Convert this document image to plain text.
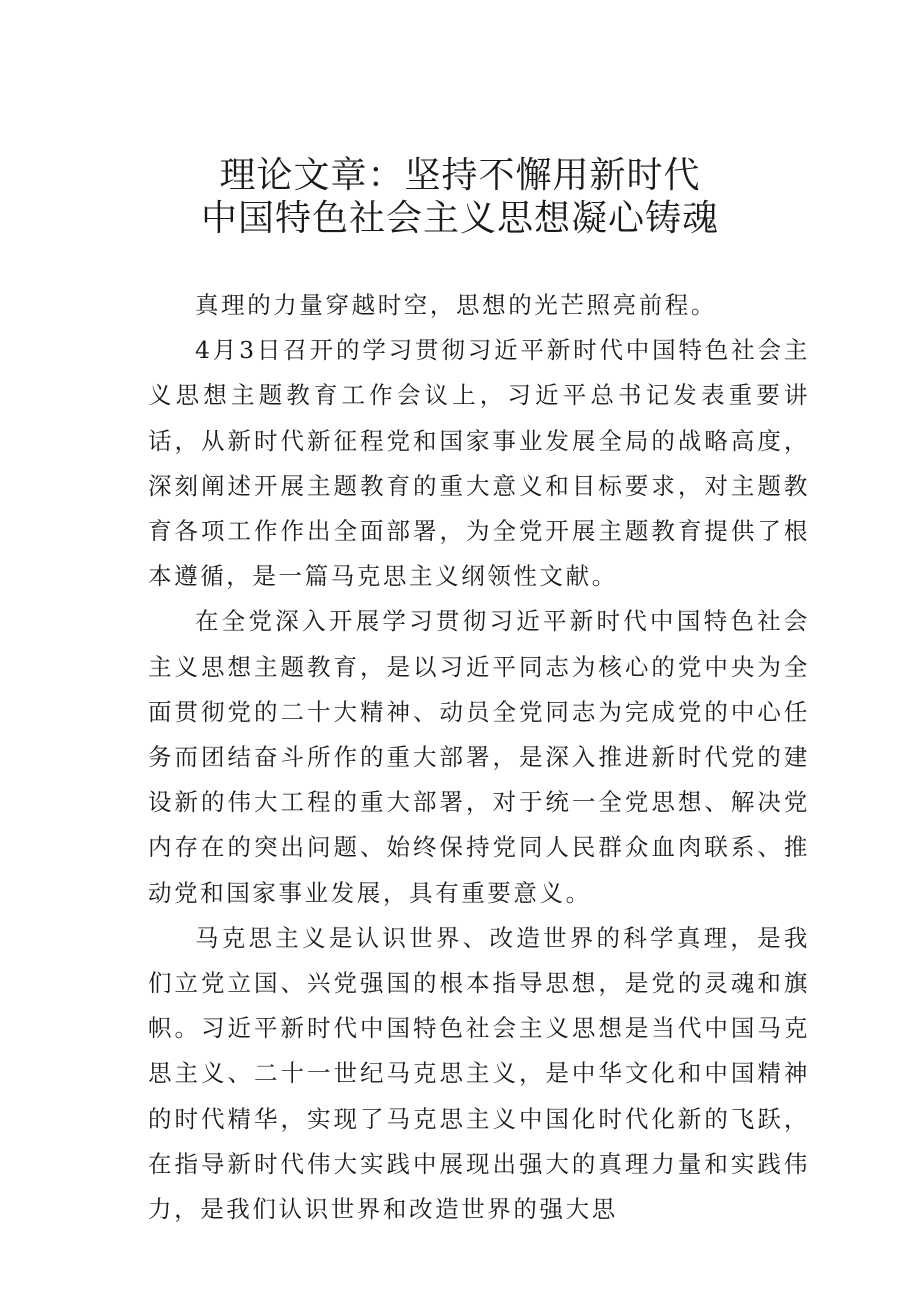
理论文章：坚持不懈用新时代
中国特色社会主义思想凝心铸魂

真理的力量穿越时空，思想的光芒照亮前程。

4月3日召开的学习贯彻习近平新时代中国特色社会主义思想主题教育工作会议上，习近平总书记发表重要讲话，从新时代新征程党和国家事业发展全局的战略高度，深刻阐述开展主题教育的重大意义和目标要求，对主题教育各项工作作出全面部署，为全党开展主题教育提供了根本遵循，是一篇马克思主义纲领性文献。

在全党深入开展学习贯彻习近平新时代中国特色社会主义思想主题教育，是以习近平同志为核心的党中央为全面贯彻党的二十大精神、动员全党同志为完成党的中心任务而团结奋斗所作的重大部署，是深入推进新时代党的建设新的伟大工程的重大部署，对于统一全党思想、解决党内存在的突出问题、始终保持党同人民群众血肉联系、推动党和国家事业发展，具有重要意义。

马克思主义是认识世界、改造世界的科学真理，是我们立党立国、兴党强国的根本指导思想，是党的灵魂和旗帜。习近平新时代中国特色社会主义思想是当代中国马克思主义、二十一世纪马克思主义，是中华文化和中国精神的时代精华，实现了马克思主义中国化时代化新的飞跃，在指导新时代伟大实践中展现出强大的真理力量和实践伟力，是我们认识世界和改造世界的强大思
